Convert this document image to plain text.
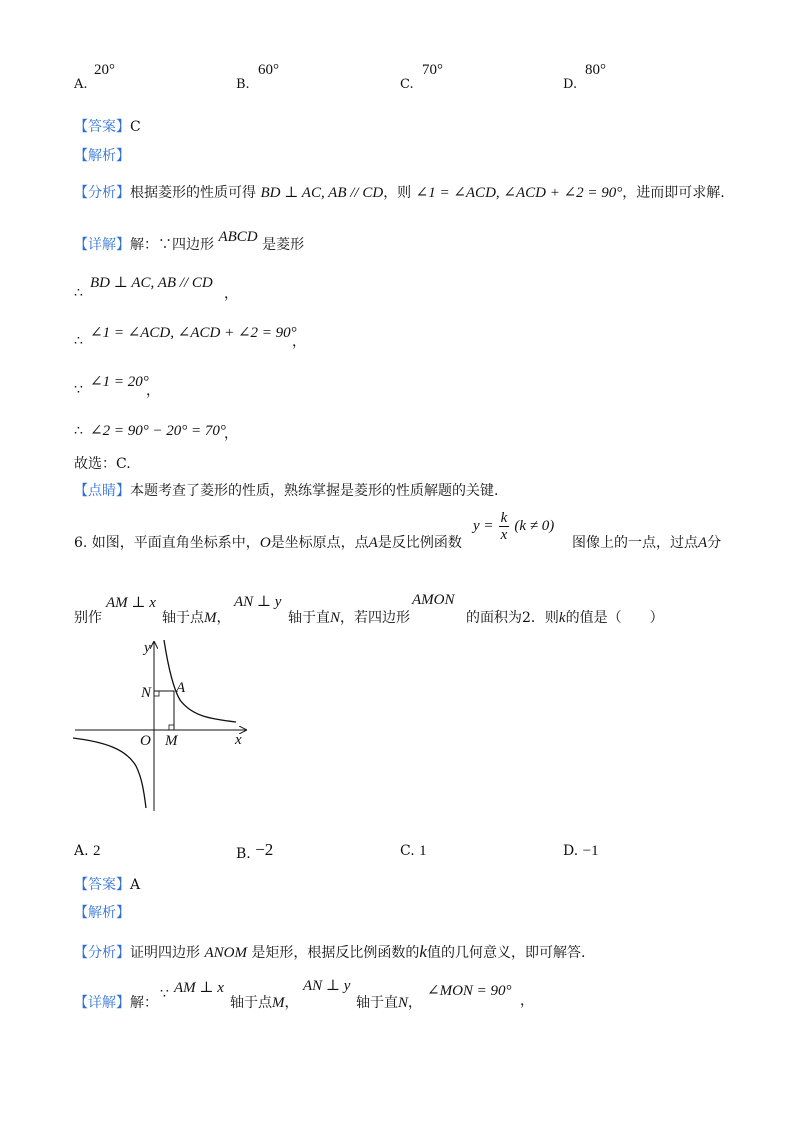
A.
20°
B.
60°
C.
70°
D.
80°
【答案】C
【解析】
【分析】根据菱形的性质可得 BD ⊥ AC, AB // CD，则 ∠1 = ∠ACD, ∠ACD + ∠2 = 90°，进而即可求解.
【详解】解：∵四边形 ABCD 是菱形
∴
BD ⊥ AC, AB // CD
，
∴ ∠1 = ∠ACD, ∠ACD + ∠2 = 90°
，
∵ ∠1 = 20°
，
∴ ∠2 = 90° − 20° = 70°
，
故选：C.
【点睛】本题考查了菱形的性质，熟练掌握是菱形的性质解题的关键.
6. 如图，平面直角坐标系中，O是坐标原点，点A是反比例函数
$y = \frac{k}{x} (k \ne 0)$
图像上的一点，过点A分
别作
AM ⊥ x
轴于点M，
AN ⊥ y
轴于直N，若四边形
AMON
的面积为2．则k的值是（　　）
y
x
O
A
N
M
A. 2	B. −2	C. 1	D. −1
【答案】A
【解析】
【分析】证明四边形 ANOM 是矩形，根据反比例函数的k值的几何意义，即可解答.
【详解】解：
∵ AM ⊥ x
轴于点M，
AN ⊥ y
轴于直N，
∠MON = 90°
，
